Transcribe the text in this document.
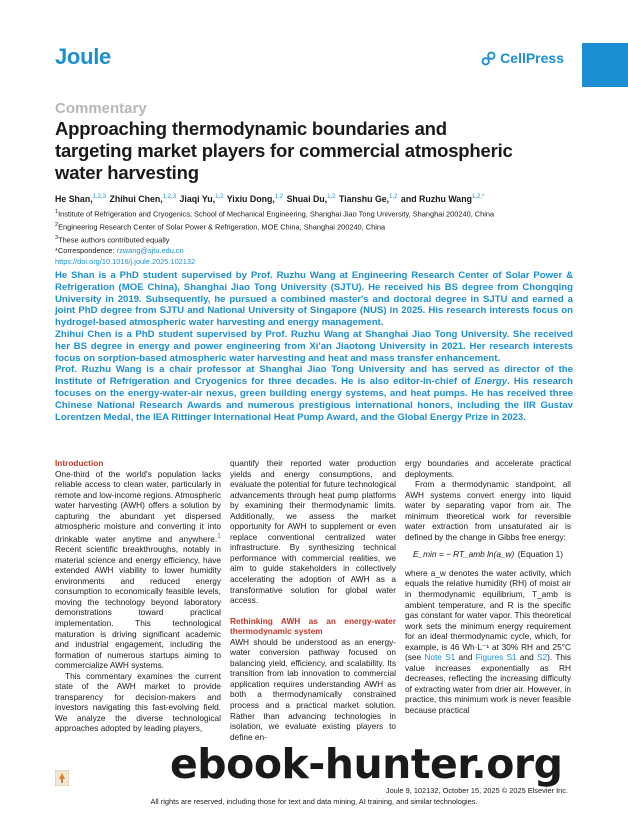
Joule	CellPress
Commentary
Approaching thermodynamic boundaries and targeting market players for commercial atmospheric water harvesting
He Shan,$^{1,2,3}$ Zhihui Chen,$^{1,2,3}$ Jiaqi Yu,$^{1,2}$ Yixiu Dong,$^{1,2}$ Shuai Du,$^{1,2}$ Tianshu Ge,$^{1,2}$ and Ruzhu Wang$^{1,2,*}$
$^1$Institute of Refrigeration and Cryogenics, School of Mechanical Engineering, Shanghai Jiao Tong University, Shanghai 200240, China
$^2$Engineering Research Center of Solar Power & Refrigeration, MOE China, Shanghai 200240, China
$^3$These authors contributed equally
*Correspondence: rzwang@sjtu.edu.cn
https://doi.org/10.1016/j.joule.2025.102132

He Shan is a PhD student supervised by Prof. Ruzhu Wang at Engineering Research Center of Solar Power & Refrigeration (MOE China), Shanghai Jiao Tong University (SJTU). He received his BS degree from Chongqing University in 2019. Subsequently, he pursued a combined master's and doctoral degree in SJTU and earned a joint PhD degree from SJTU and National University of Singapore (NUS) in 2025. His research interests focus on hydrogel-based atmospheric water harvesting and energy management.

Zhihui Chen is a PhD student supervised by Prof. Ruzhu Wang at Shanghai Jiao Tong University. She received her BS degree in energy and power engineering from Xi'an Jiaotong University in 2021. Her research interests focus on sorption-based atmospheric water harvesting and heat and mass transfer enhancement.

Prof. Ruzhu Wang is a chair professor at Shanghai Jiao Tong University and has served as director of the Institute of Refrigeration and Cryogenics for three decades. He is also editor-in-chief of Energy. His research focuses on the energy-water-air nexus, green building energy systems, and heat pumps. He has received three Chinese National Research Awards and numerous prestigious international honors, including the IIR Gustav Lorentzen Medal, the IEA Rittinger International Heat Pump Award, and the Global Energy Prize in 2023.

Introduction

One-third of the world's population lacks reliable access to clean water, particularly in remote and low-income regions. Atmospheric water harvesting (AWH) offers a solution by capturing the abundant yet dispersed atmospheric moisture and converting it into drinkable water anytime and anywhere.$^1$ Recent scientific breakthroughs, notably in material science and energy efficiency, have extended AWH viability to lower humidity environments and reduced energy consumption to economically feasible levels, moving the technology beyond laboratory demonstrations toward practical implementation. This technological maturation is driving significant academic and industrial engagement, including the formation of numerous startups aiming to commercialize AWH systems.

This commentary examines the current state of the AWH market to provide transparency for decision-makers and investors navigating this fast-evolving field. We analyze the diverse technological approaches adopted by leading players,

quantify their reported water production yields and energy consumptions, and evaluate the potential for future technological advancements through heat pump platforms by examining their thermodynamic limits. Additionally, we assess the market opportunity for AWH to supplement or even replace conventional centralized water infrastructure. By synthesizing technical performance with commercial realities, we aim to guide stakeholders in collectively accelerating the adoption of AWH as a transformative solution for global water access.

Rethinking AWH as an energy-water thermodynamic system

AWH should be understood as an energy-water conversion pathway focused on balancing yield, efficiency, and scalability. Its transition from lab innovation to commercial application requires understanding AWH as both a thermodynamically constrained process and a practical market solution. Rather than advancing technologies in isolation, we evaluate existing players to define en-

ergy boundaries and accelerate practical deployments.

From a thermodynamic standpoint, all AWH systems convert energy into liquid water by separating vapor from air. The minimum theoretical work for reversible water extraction from unsaturated air is defined by the change in Gibbs free energy:

E_min = − RT_amb ln(a_w) (Equation 1)

where a_w denotes the water activity, which equals the relative humidity (RH) of moist air in thermodynamic equilibrium, T_amb is ambient temperature, and R is the specific gas constant for water vapor. This theoretical work sets the minimum energy requirement for an ideal thermodynamic cycle, which, for example, is 46 Wh·L⁻¹ at 30% RH and 25°C (see Note S1 and Figures S1 and S2). This value increases exponentially as RH decreases, reflecting the increasing difficulty of extracting water from drier air. However, in practice, this minimum work is never feasible because practical

ebook-hunter.org
Joule 9, 102132, October 15, 2025 © 2025 Elsevier Inc.
All rights are reserved, including those for text and data mining, AI training, and similar technologies.
